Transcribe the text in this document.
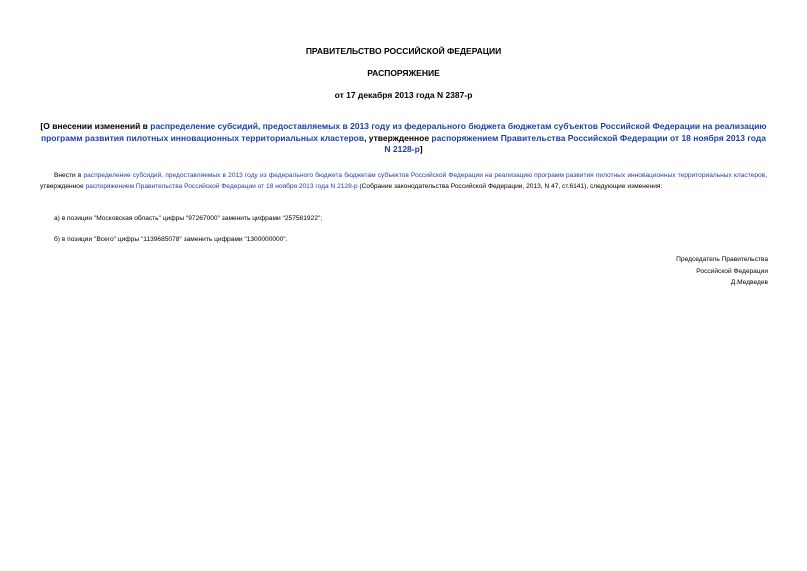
ПРАВИТЕЛЬСТВО РОССИЙСКОЙ ФЕДЕРАЦИИ
РАСПОРЯЖЕНИЕ
от 17 декабря 2013 года N 2387-р
[О внесении изменений в распределение субсидий, предоставляемых в 2013 году из федерального бюджета бюджетам субъектов Российской Федерации на реализацию программ развития пилотных инновационных территориальных кластеров, утвержденное распоряжением Правительства Российской Федерации от 18 ноября 2013 года N 2128-р]
Внести в распределение субсидий, предоставляемых в 2013 году из федерального бюджета бюджетам субъектов Российской Федерации на реализацию программ развития пилотных инновационных территориальных кластеров, утвержденное распоряжением Правительства Российской Федерации от 18 ноября 2013 года N 2128-р (Собрание законодательства Российской Федерации, 2013, N 47, ст.6141), следующие изменения:
а) в позиции "Московская область" цифры "97267000" заменить цифрами "257581922";
б) в позиции "Всего" цифры "1139685078" заменить цифрами "1300000000".
Председатель Правительства
Российской Федерации
Д.Медведев
